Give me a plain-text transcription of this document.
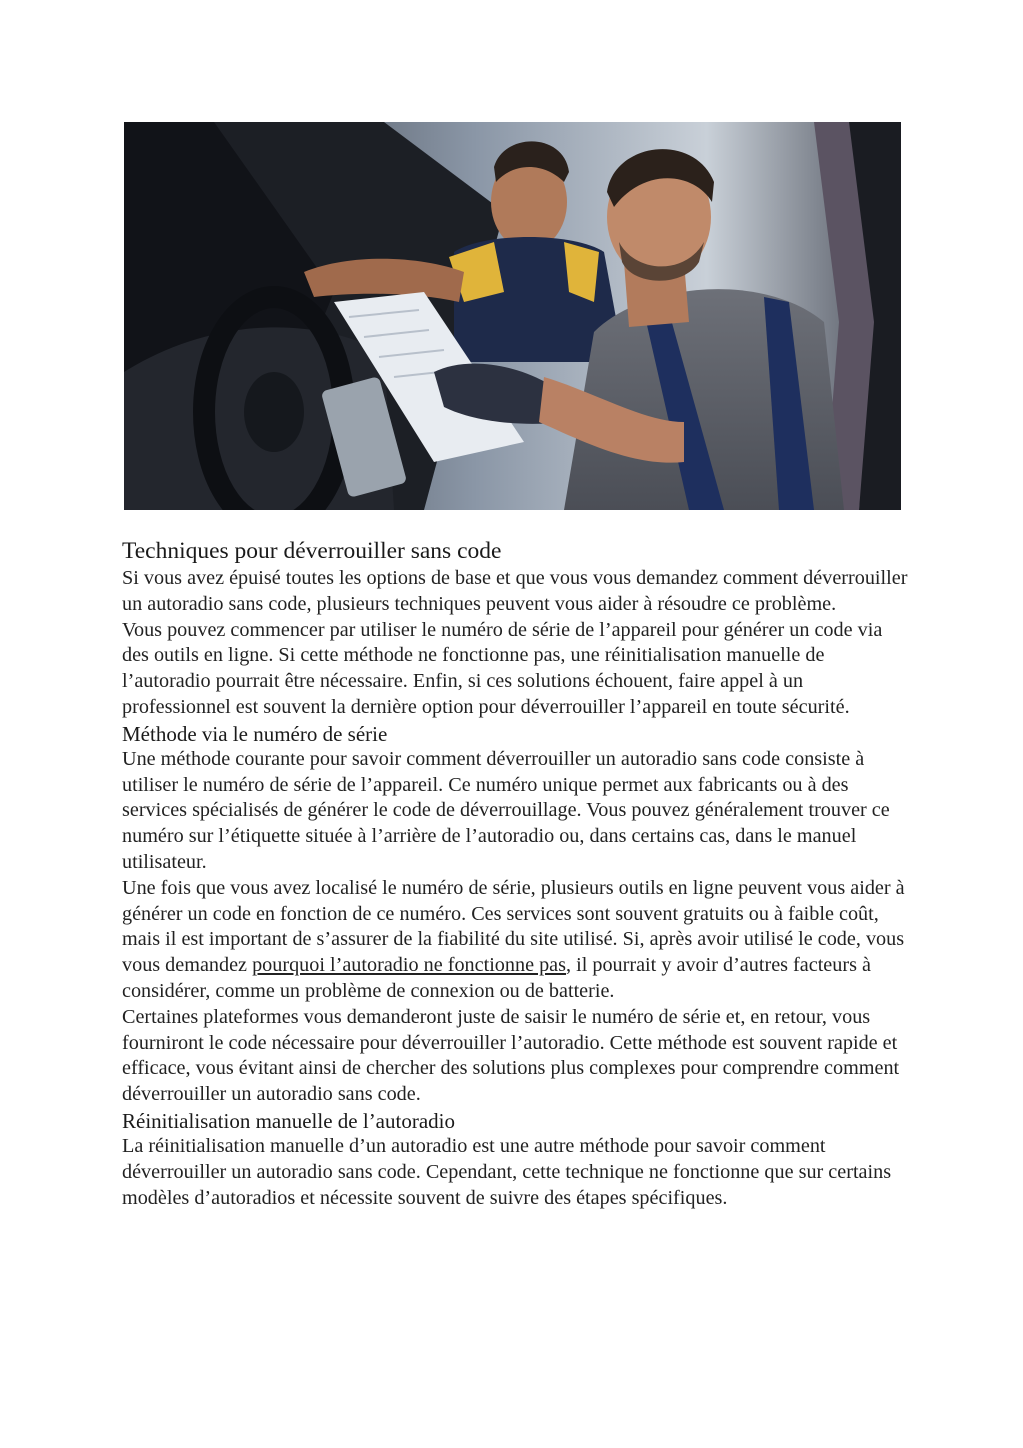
Techniques pour déverrouiller sans code

Si vous avez épuisé toutes les options de base et que vous vous demandez comment déverrouiller un autoradio sans code, plusieurs techniques peuvent vous aider à résoudre ce problème.

Vous pouvez commencer par utiliser le numéro de série de l’appareil pour générer un code via des outils en ligne. Si cette méthode ne fonctionne pas, une réinitialisation manuelle de l’autoradio pourrait être nécessaire. Enfin, si ces solutions échouent, faire appel à un professionnel est souvent la dernière option pour déverrouiller l’appareil en toute sécurité.

Méthode via le numéro de série

Une méthode courante pour savoir comment déverrouiller un autoradio sans code consiste à utiliser le numéro de série de l’appareil. Ce numéro unique permet aux fabricants ou à des services spécialisés de générer le code de déverrouillage. Vous pouvez généralement trouver ce numéro sur l’étiquette située à l’arrière de l’autoradio ou, dans certains cas, dans le manuel utilisateur.

Une fois que vous avez localisé le numéro de série, plusieurs outils en ligne peuvent vous aider à générer un code en fonction de ce numéro. Ces services sont souvent gratuits ou à faible coût, mais il est important de s’assurer de la fiabilité du site utilisé. Si, après avoir utilisé le code, vous vous demandez pourquoi l’autoradio ne fonctionne pas, il pourrait y avoir d’autres facteurs à considérer, comme un problème de connexion ou de batterie.

Certaines plateformes vous demanderont juste de saisir le numéro de série et, en retour, vous fourniront le code nécessaire pour déverrouiller l’autoradio. Cette méthode est souvent rapide et efficace, vous évitant ainsi de chercher des solutions plus complexes pour comprendre comment déverrouiller un autoradio sans code.

Réinitialisation manuelle de l’autoradio

La réinitialisation manuelle d’un autoradio est une autre méthode pour savoir comment déverrouiller un autoradio sans code. Cependant, cette technique ne fonctionne que sur certains modèles d’autoradios et nécessite souvent de suivre des étapes spécifiques.
